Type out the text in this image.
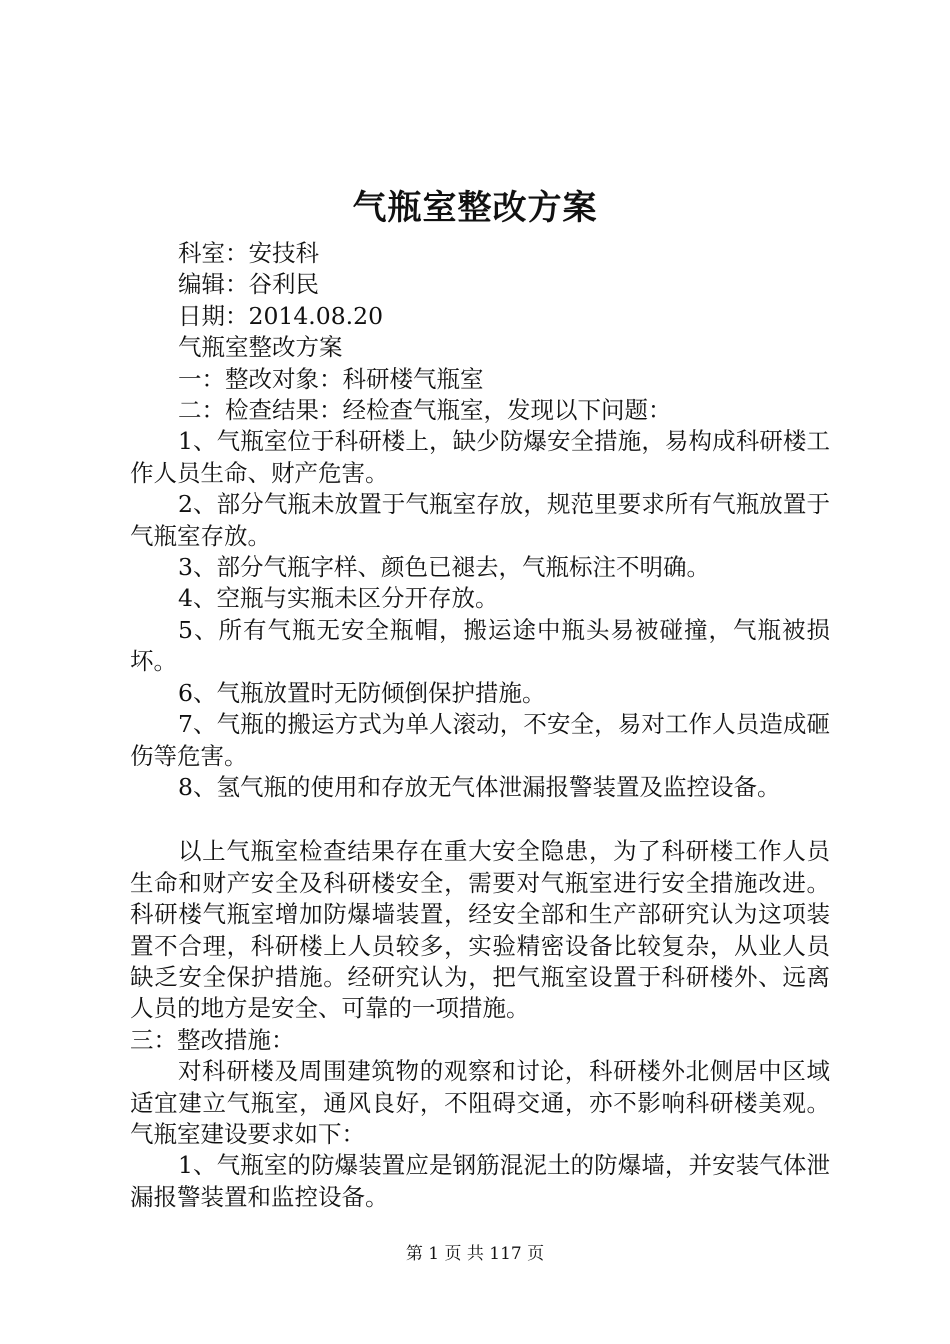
气瓶室整改方案

科室：安技科

编辑：谷利民

日期：2014.08.20

气瓶室整改方案

一：整改对象：科研楼气瓶室

二：检查结果：经检查气瓶室，发现以下问题：

1、气瓶室位于科研楼上，缺少防爆安全措施，易构成科研楼工作人员生命、财产危害。

2、部分气瓶未放置于气瓶室存放，规范里要求所有气瓶放置于气瓶室存放。

3、部分气瓶字样、颜色已褪去，气瓶标注不明确。

4、空瓶与实瓶未区分开存放。

5、所有气瓶无安全瓶帽，搬运途中瓶头易被碰撞，气瓶被损坏。

6、气瓶放置时无防倾倒保护措施。

7、气瓶的搬运方式为单人滚动，不安全，易对工作人员造成砸伤等危害。

8、氢气瓶的使用和存放无气体泄漏报警装置及监控设备。

以上气瓶室检查结果存在重大安全隐患，为了科研楼工作人员生命和财产安全及科研楼安全，需要对气瓶室进行安全措施改进。科研楼气瓶室增加防爆墙装置，经安全部和生产部研究认为这项装置不合理，科研楼上人员较多，实验精密设备比较复杂，从业人员缺乏安全保护措施。经研究认为，把气瓶室设置于科研楼外、远离人员的地方是安全、可靠的一项措施。

三：整改措施：

对科研楼及周围建筑物的观察和讨论，科研楼外北侧居中区域适宜建立气瓶室，通风良好，不阻碍交通，亦不影响科研楼美观。气瓶室建设要求如下：

1、气瓶室的防爆装置应是钢筋混泥土的防爆墙，并安装气体泄漏报警装置和监控设备。

第 1 页 共 117 页
